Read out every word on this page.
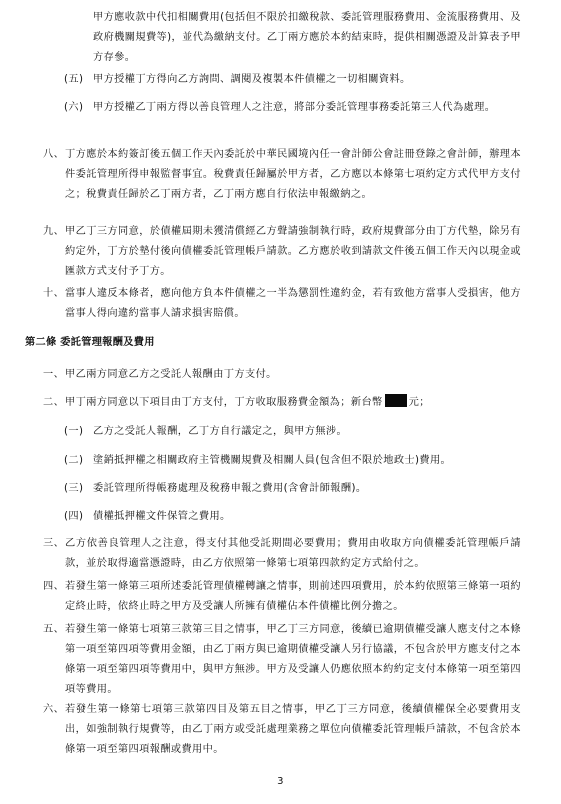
甲方應收款中代扣相關費用(包括但不限於扣繳稅款、委託管理服務費用、金流服務費用、及政府機關規費等)，並代為繳納支付。乙丁兩方應於本約結束時，提供相關憑證及計算表予甲方存參。
(五) 甲方授權丁方得向乙方詢問、調閱及複製本件債權之一切相關資料。
(六) 甲方授權乙丁兩方得以善良管理人之注意，將部分委託管理事務委託第三人代為處理。
八、 丁方應於本約簽訂後五個工作天內委託於中華民國境內任一會計師公會註冊登錄之會計師，辦理本件委託管理所得申報監督事宜。稅費責任歸屬於甲方者，乙方應以本條第七項約定方式代甲方支付之；稅費責任歸於乙丁兩方者，乙丁兩方應自行依法申報繳納之。
九、 甲乙丁三方同意，於債權屆期未獲清償經乙方聲請強制執行時，政府規費部分由丁方代墊，除另有約定外，丁方於墊付後向債權委託管理帳戶請款。乙方應於收到請款文件後五個工作天內以現金或匯款方式支付予丁方。
十、 當事人違反本條者，應向他方負本件債權之一半為懲罰性違約金，若有致他方當事人受損害，他方當事人得向違約當事人請求損害賠償。
第二條 委託管理報酬及費用
一、 甲乙兩方同意乙方之受託人報酬由丁方支付。
二、 甲丁兩方同意以下項目由丁方支付，丁方收取服務費金額為；新台幣	元；
(一) 乙方之受託人報酬，乙丁方自行議定之，與甲方無涉。
(二) 塗銷抵押權之相關政府主管機關規費及相關人員(包含但不限於地政士)費用。
(三) 委託管理所得帳務處理及稅務申報之費用(含會計師報酬)。
(四) 債權抵押權文件保管之費用。
三、 乙方依善良管理人之注意，得支付其他受託期間必要費用；費用由收取方向債權委託管理帳戶請款，並於取得適當憑證時，由乙方依照第一條第七項第四款約定方式給付之。
四、 若發生第一條第三項所述委託管理債權轉讓之情事，則前述四項費用，於本約依照第三條第一項約定終止時，依終止時之甲方及受讓人所擁有債權佔本件債權比例分擔之。
五、 若發生第一條第七項第三款第三目之情事，甲乙丁三方同意，後續已逾期債權受讓人應支付之本條第一項至第四項等費用金額，由乙丁兩方與已逾期債權受讓人另行協議，不包含於甲方應支付之本條第一項至第四項等費用中，與甲方無涉。甲方及受讓人仍應依照本約約定支付本條第一項至第四項等費用。
六、 若發生第一條第七項第三款第四目及第五目之情事，甲乙丁三方同意，後續債權保全必要費用支出，如強制執行規費等，由乙丁兩方或受託處理業務之單位向債權委託管理帳戶請款，不包含於本條第一項至第四項報酬或費用中。
3
